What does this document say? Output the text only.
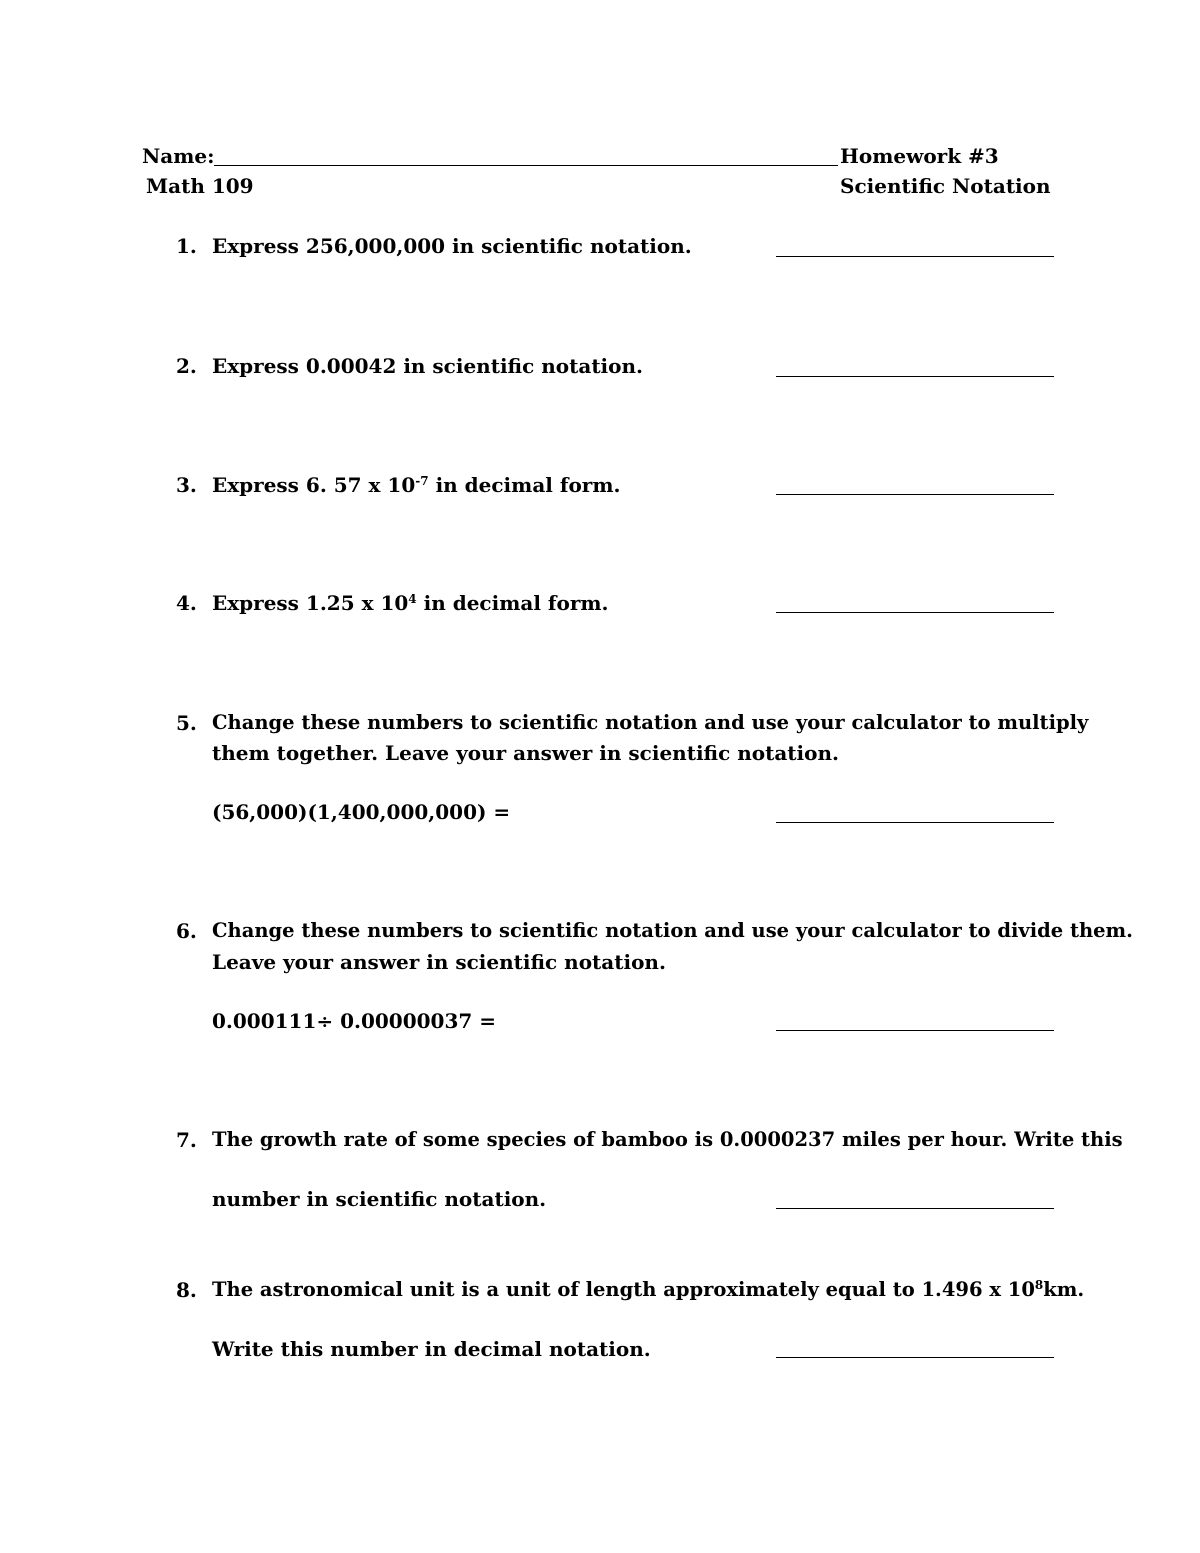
Name:	Homework #3
Math 109	Scientific Notation
1. Express 256,000,000 in scientific notation.
2. Express 0.00042 in scientific notation.
3. Express 6. 57 x $10^{-7}$ in decimal form.
4. Express 1.25 x $10^4$ in decimal form.
5. Change these numbers to scientific notation and use your calculator to multiply
them together. Leave your answer in scientific notation.
(56,000)(1,400,000,000) =
6. Change these numbers to scientific notation and use your calculator to divide them.
Leave your answer in scientific notation.
0.000111÷ 0.00000037 =
7. The growth rate of some species of bamboo is 0.0000237 miles per hour. Write this
number in scientific notation.
8. The astronomical unit is a unit of length approximately equal to 1.496 x $10^8km$.
Write this number in decimal notation.
